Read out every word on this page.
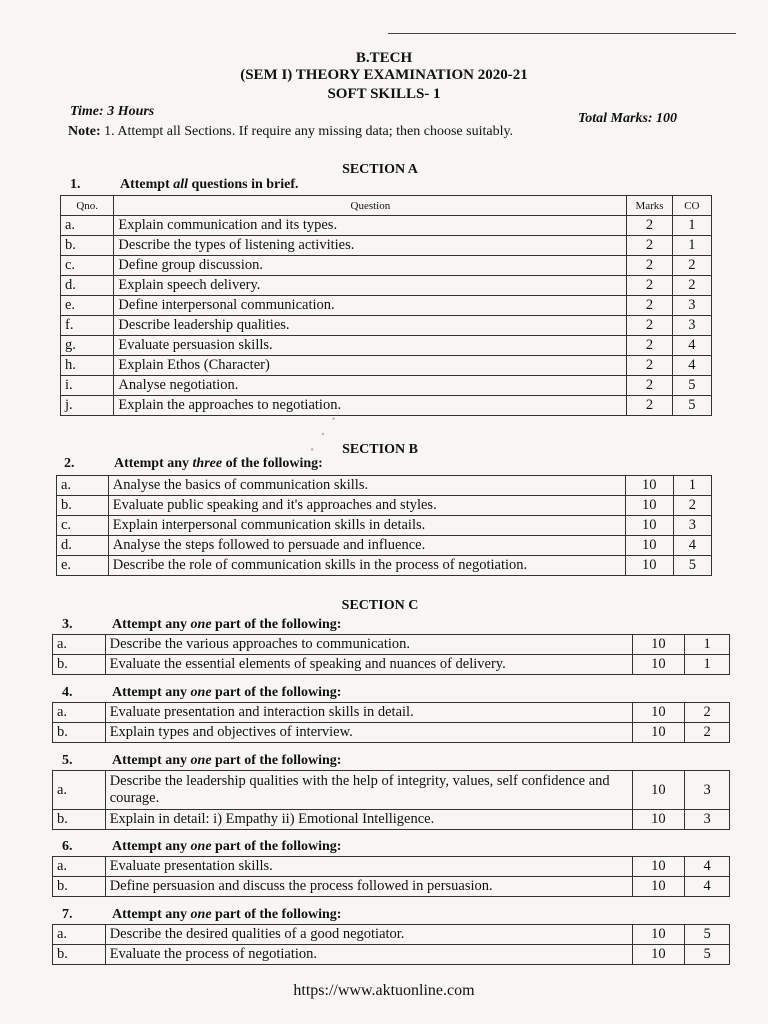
B.TECH
(SEM I) THEORY EXAMINATION 2020-21
SOFT SKILLS- 1
Time: 3 Hours	Total Marks: 100
Note: 1. Attempt all Sections. If require any missing data; then choose suitably.
SECTION A
1.	Attempt all questions in brief.
Qno.	Question	Marks	CO
a.	Explain communication and its types.	2	1
b.	Describe the types of listening activities.	2	1
c.	Define group discussion.	2	2
d.	Explain speech delivery.	2	2
e.	Define interpersonal communication.	2	3
f.	Describe leadership qualities.	2	3
g.	Evaluate persuasion skills.	2	4
h.	Explain Ethos (Character)	2	4
i.	Analyse negotiation.	2	5
j.	Explain the approaches to negotiation.	2	5
SECTION B
2.	Attempt any three of the following:
a.	Analyse the basics of communication skills.	10	1
b.	Evaluate public speaking and it's approaches and styles.	10	2
c.	Explain interpersonal communication skills in details.	10	3
d.	Analyse the steps followed to persuade and influence.	10	4
e.	Describe the role of communication skills in the process of negotiation.	10	5
SECTION C
3.	Attempt any one part of the following:
a.	Describe the various approaches to communication.	10	1
b.	Evaluate the essential elements of speaking and nuances of delivery.	10	1
4.	Attempt any one part of the following:
a.	Evaluate presentation and interaction skills in detail.	10	2
b.	Explain types and objectives of interview.	10	2
5.	Attempt any one part of the following:
a.	Describe the leadership qualities with the help of integrity, values, self confidence and courage.	10	3
b.	Explain in detail: i) Empathy ii) Emotional Intelligence.	10	3
6.	Attempt any one part of the following:
a.	Evaluate presentation skills.	10	4
b.	Define persuasion and discuss the process followed in persuasion.	10	4
7.	Attempt any one part of the following:
a.	Describe the desired qualities of a good negotiator.	10	5
b.	Evaluate the process of negotiation.	10	5
· · ·
https://www.aktuonline.com
